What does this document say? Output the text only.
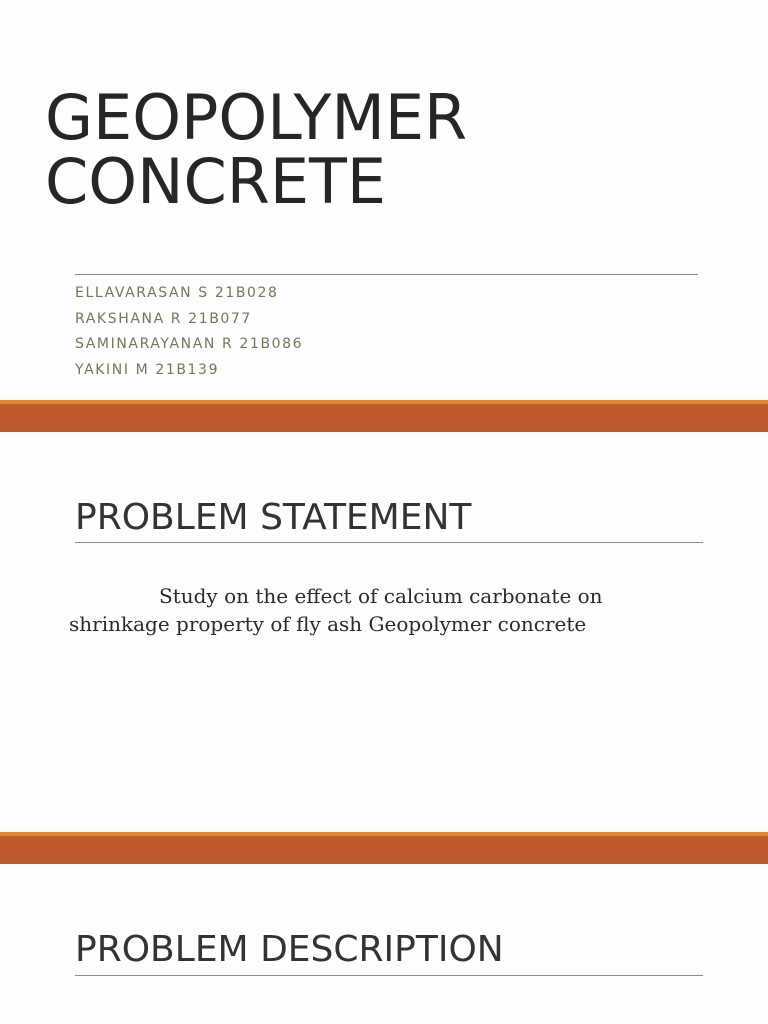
GEOPOLYMER
CONCRETE
ELLAVARASAN S 21B028
RAKSHANA R 21B077
SAMINARAYANAN R 21B086
YAKINI M 21B139
PROBLEM STATEMENT

Study on the effect of calcium carbonate on shrinkage property of fly ash Geopolymer concrete

PROBLEM DESCRIPTION
